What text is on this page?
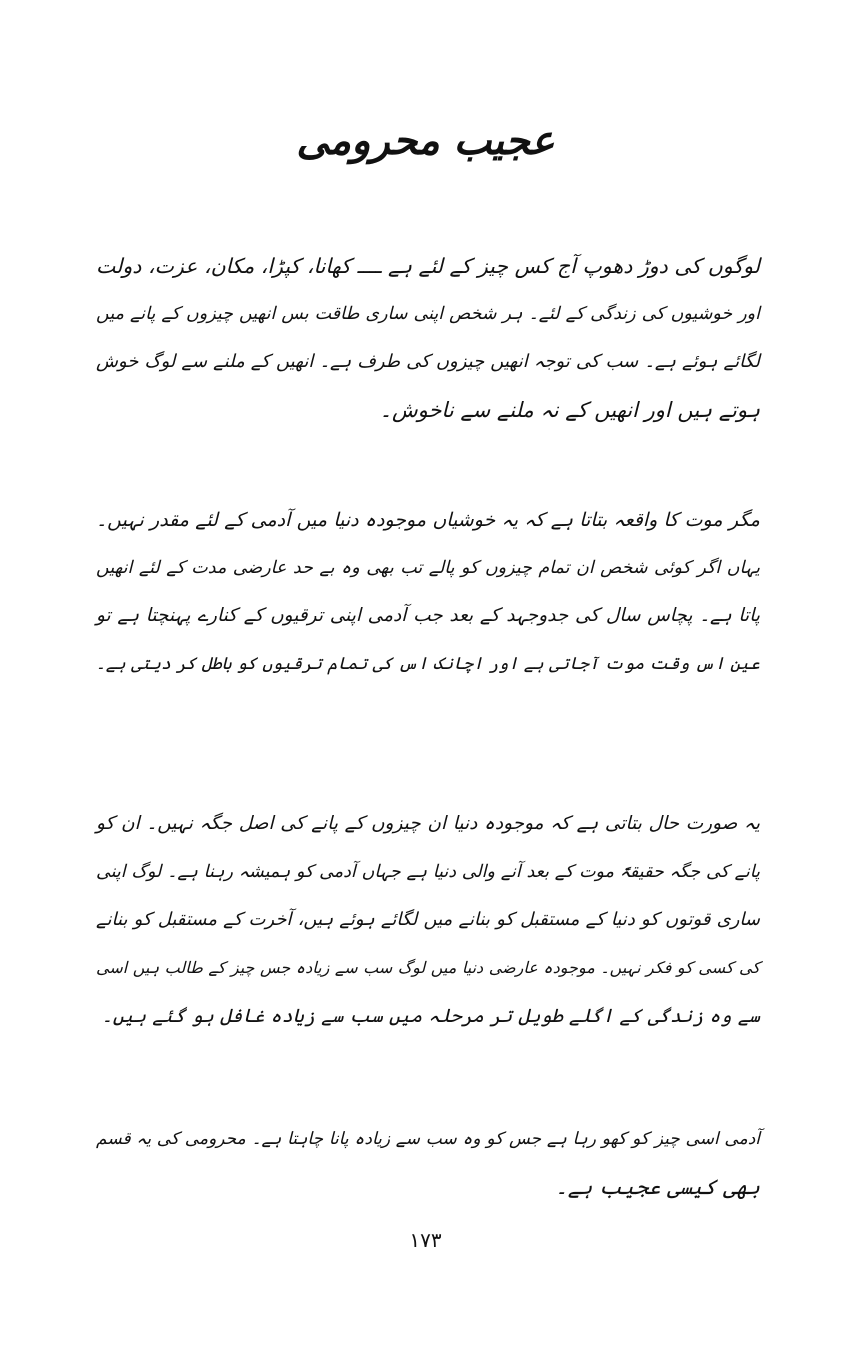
عجیب محرومی
لوگوں کی دوڑ دھوپ آج کس چیز کے لئے ہے ــــ کھانا، کپڑا، مکان، عزت، دولت
اور خوشیوں کی زندگی کے لئے۔ ہر شخص اپنی ساری طاقت بس انھیں چیزوں کے پانے میں
لگائے ہوئے ہے۔ سب کی توجہ انھیں چیزوں کی طرف ہے۔ انھیں کے ملنے سے لوگ خوش
ہوتے ہیں اور انھیں کے نہ ملنے سے ناخوش۔
مگر موت کا واقعہ بتاتا ہے کہ یہ خوشیاں موجودہ دنیا میں آدمی کے لئے مقدر نہیں۔
یہاں اگر کوئی شخص ان تمام چیزوں کو پالے تب بھی وہ بے حد عارضی مدت کے لئے انھیں
پاتا ہے۔ پچاس سال کی جدوجہد کے بعد جب آدمی اپنی ترقیوں کے کنارے پہنچتا ہے تو
عین اس وقت موت آجاتی ہے اور اچانک اس کی تمام ترقیوں کو باطل کر دیتی ہے۔
یہ صورت حال بتاتی ہے کہ موجودہ دنیا ان چیزوں کے پانے کی اصل جگہ نہیں۔ ان کو
پانے کی جگہ حقیقۃً موت کے بعد آنے والی دنیا ہے جہاں آدمی کو ہمیشہ رہنا ہے۔ لوگ اپنی
ساری قوتوں کو دنیا کے مستقبل کو بنانے میں لگائے ہوئے ہیں، آخرت کے مستقبل کو بنانے
کی کسی کو فکر نہیں۔ موجودہ عارضی دنیا میں لوگ سب سے زیادہ جس چیز کے طالب ہیں اسی
سے وہ زندگی کے اگلے طویل تر مرحلہ میں سب سے زیادہ غافل ہو گئے ہیں۔
آدمی اسی چیز کو کھو رہا ہے جس کو وہ سب سے زیادہ پانا چاہتا ہے۔ محرومی کی یہ قسم
بھی کیسی عجیب ہے۔
۱۷۳
